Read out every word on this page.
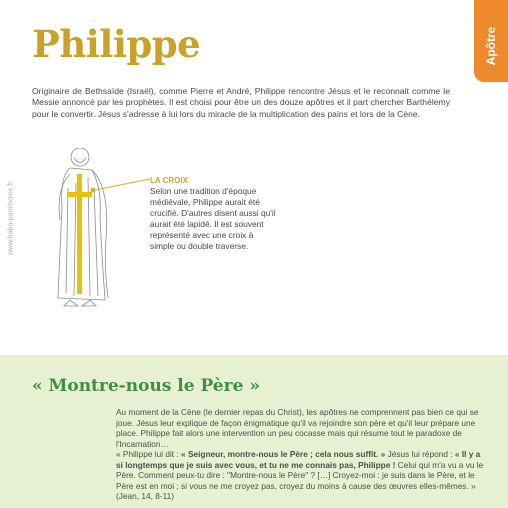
Philippe	Apôtre

Originaire de Bethsaïde (Israël), comme Pierre et André, Philippe rencontre Jésus et le reconnait comme le Messie annoncé par les prophètes. Il est choisi pour être un des douze apôtres et il part chercher Barthélemy pour le convertir. Jésus s'adresse à lui lors du miracle de la multiplication des pains et lors de la Cène.

www.baba-patrimoine.fr

LA CROIX

Selon une tradition d'époque médiévale, Philippe aurait été crucifié. D'autres disent aussi qu'il aurait été lapidé. Il est souvent représenté avec une croix à simple ou double traverse.

« Montre-nous le Père »

Au moment de la Cène (le dernier repas du Christ), les apôtres ne comprennent pas bien ce qui se joue. Jésus leur explique de façon énigmatique qu'il va rejoindre son père et qu'il leur prépare une place. Philippe fait alors une intervention un peu cocasse mais qui résume tout le paradoxe de l'Incarnation…

« Philippe lui dit : « Seigneur, montre-nous le Père ; cela nous suffit. » Jésus lui répond : « Il y a si longtemps que je suis avec vous, et tu ne me connais pas, Philippe ! Celui qui m'a vu a vu le Père. Comment peux-tu dire : "Montre-nous le Père" ? […] Croyez-moi : je suis dans le Père, et le Père est en moi ; si vous ne me croyez pas, croyez du moins à cause des œuvres elles-mêmes. » (Jean, 14, 8-11)
